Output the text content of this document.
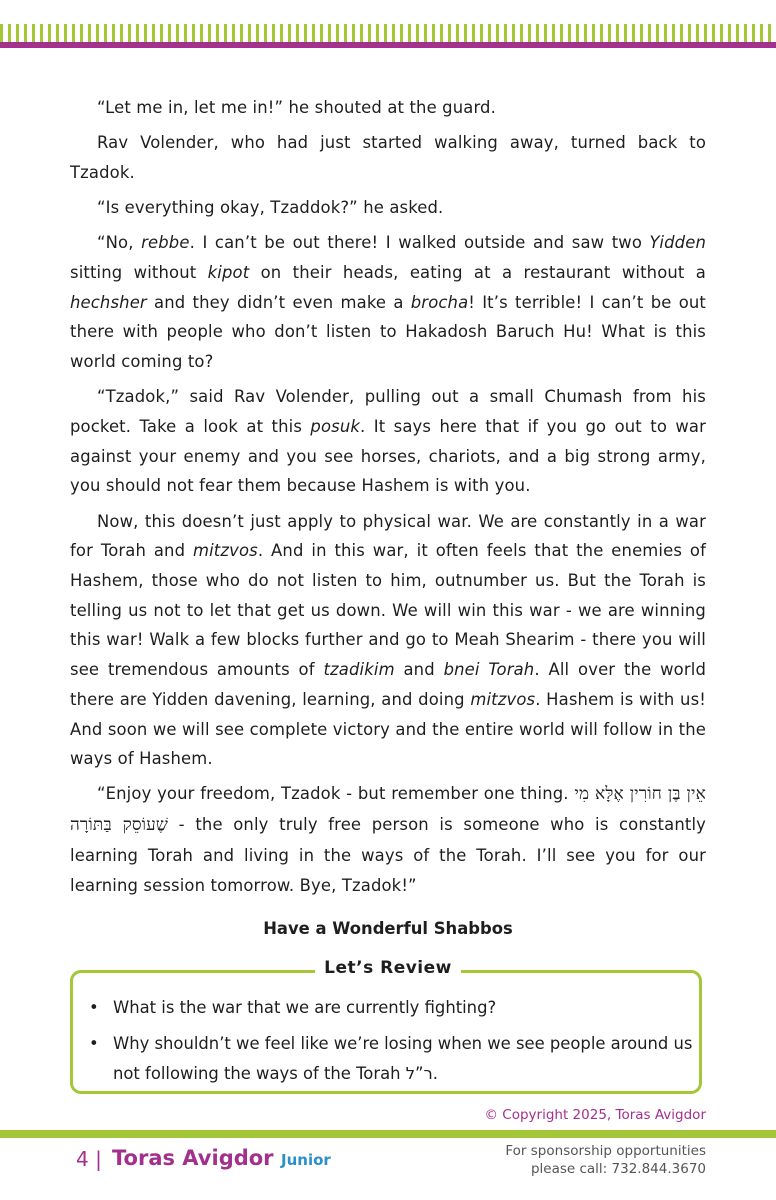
“Let me in, let me in!” he shouted at the guard.

Rav Volender, who had just started walking away, turned back to Tzadok.

“Is everything okay, Tzaddok?” he asked.

“No, rebbe. I can’t be out there! I walked outside and saw two Yidden sitting without kipot on their heads, eating at a restaurant without a hechsher and they didn’t even make a brocha! It’s terrible! I can’t be out there with people who don’t listen to Hakadosh Baruch Hu! What is this world coming to?

“Tzadok,” said Rav Volender, pulling out a small Chumash from his pocket. Take a look at this posuk. It says here that if you go out to war against your enemy and you see horses, chariots, and a big strong army, you should not fear them because Hashem is with you.

Now, this doesn’t just apply to physical war. We are constantly in a war for Torah and mitzvos. And in this war, it often feels that the enemies of Hashem, those who do not listen to him, outnumber us. But the Torah is telling us not to let that get us down. We will win this war - we are winning this war! Walk a few blocks further and go to Meah Shearim - there you will see tremendous amounts of tzadikim and bnei Torah. All over the world there are Yidden davening, learning, and doing mitzvos. Hashem is with us! And soon we will see complete victory and the entire world will follow in the ways of Hashem.

“Enjoy your freedom, Tzadok - but remember one thing. אֵין בֶּן חוֹרִין אֶלָּא מִי שֶׁעוֹסֵק בַּתּוֹרָה - the only truly free person is someone who is constantly learning Torah and living in the ways of the Torah. I’ll see you for our learning session tomorrow. Bye, Tzadok!”

Have a Wonderful Shabbos
Let’s Review
• What is the war that we are currently fighting?
• Why shouldn’t we feel like we’re losing when we see people around us not following the ways of the Torah ר”ל.
© Copyright 2025, Toras Avigdor
4 | Toras Avigdor Junior	For sponsorship opportunities
please call: 732.844.3670
